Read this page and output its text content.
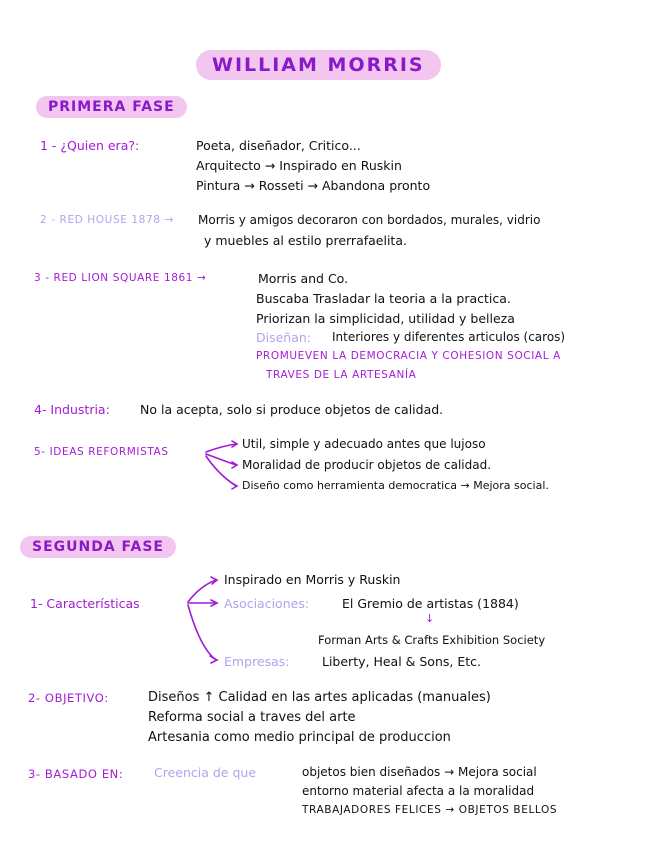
WILLIAM MORRIS
PRIMERA FASE
1 - ¿Quien era?:	Poeta, diseñador, Critico...
Arquitecto → Inspirado en Ruskin
Pintura → Rosseti → Abandona pronto
2 - RED HOUSE 1878 → Morris y amigos decoraron con bordados, murales, vidrio
y muebles al estilo prerrafaelita.
3 - RED LION SQUARE 1861 →	Morris and Co.
Buscaba Trasladar la teoria a la practica.
Priorizan la simplicidad, utilidad y belleza
Diseñan: Interiores y diferentes articulos (caros)
PROMUEVEN LA DEMOCRACIA Y COHESION SOCIAL A
TRAVES DE LA ARTESANÍA
4- Industria: No la acepta, solo si produce objetos de calidad.
5- IDEAS REFORMISTAS
Util, simple y adecuado antes que lujoso
Moralidad de producir objetos de calidad.
Diseño como herramienta democratica → Mejora social.
SEGUNDA FASE
1- Características
Inspirado en Morris y Ruskin
Asociaciones:	El Gremio de artistas (1884)
↓
Forman Arts & Crafts Exhibition Society
Empresas:	Liberty, Heal & Sons, Etc.
2- OBJETIVO:	Diseños ↑ Calidad en las artes aplicadas (manuales)
Reforma social a traves del arte
Artesania como medio principal de produccion
3- BASADO EN: Creencia de que	objetos bien diseñados → Mejora social
entorno material afecta a la moralidad
TRABAJADORES FELICES → OBJETOS BELLOS
